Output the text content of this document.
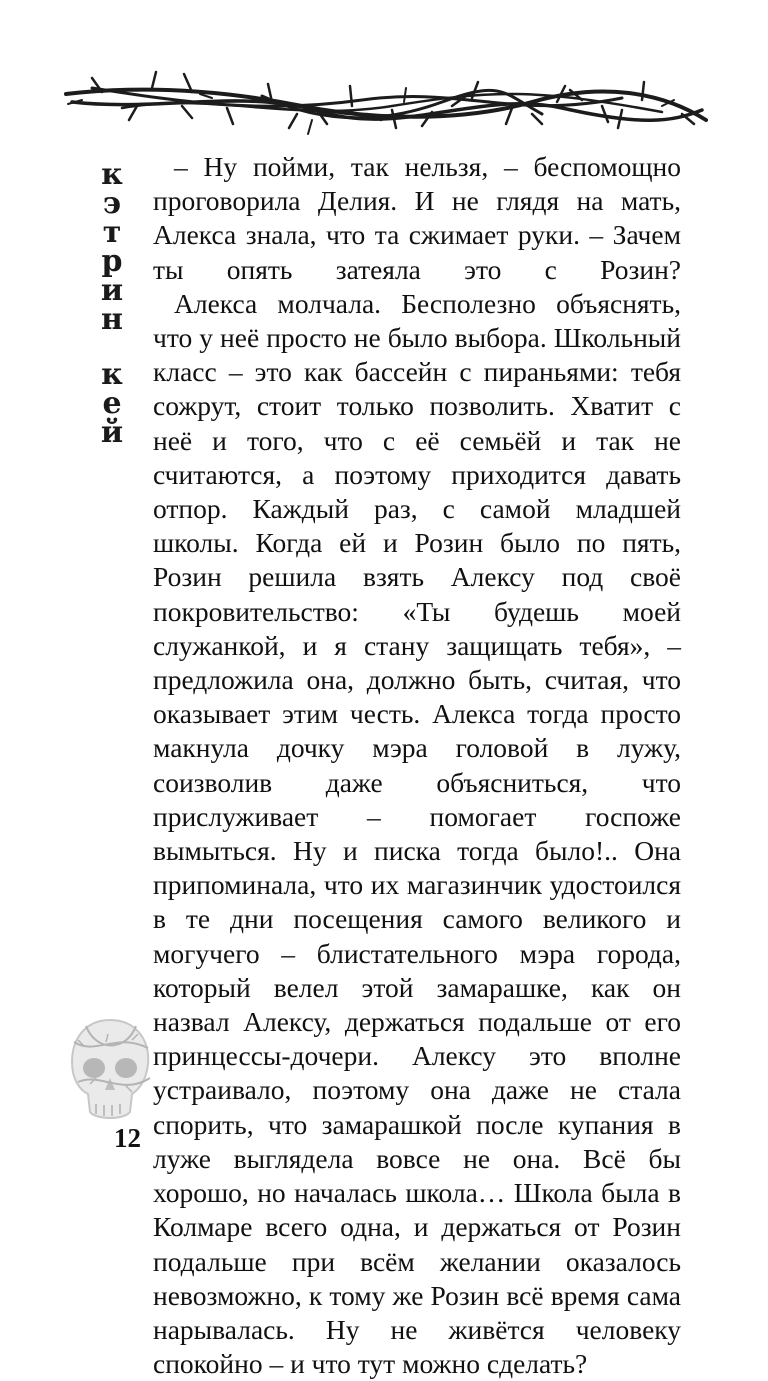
к
э
т
р
и
н
к
е
й

– Ну пойми, так нельзя, – беспомощно проговорила Делия. И не глядя на мать, Алекса знала, что та сжимает руки. – Зачем ты опять затеяла это с Розин?

Алекса молчала. Бесполезно объяснять, что у неё просто не было выбора. Школьный класс – это как бассейн с пираньями: тебя сожрут, стоит только позволить. Хватит с неё и того, что с её семьёй и так не считаются, а поэтому приходится давать отпор. Каждый раз, с самой младшей школы. Когда ей и Розин было по пять, Розин решила взять Алексу под своё покровительство: «Ты будешь моей служанкой, и я стану защищать тебя», – предложила она, должно быть, считая, что оказывает этим честь. Алекса тогда просто макнула дочку мэра головой в лужу, соизволив даже объясниться, что прислуживает – помогает госпоже вымыться. Ну и писка тогда было!.. Она припоминала, что их магазинчик удостоился в те дни посещения самого великого и могучего – блистательного мэра города, который велел этой замарашке, как он назвал Алексу, держаться подальше от его принцессы-дочери. Алексу это вполне устраивало, поэтому она даже не стала спорить, что замарашкой после купания в луже выглядела вовсе не она. Всё бы хорошо, но началась школа… Школа была в Колмаре всего одна, и держаться от Розин подальше при всём желании оказалось невозможно, к тому же Розин всё время сама нарывалась. Ну не живётся человеку спокойно – и что тут можно сделать?

12
